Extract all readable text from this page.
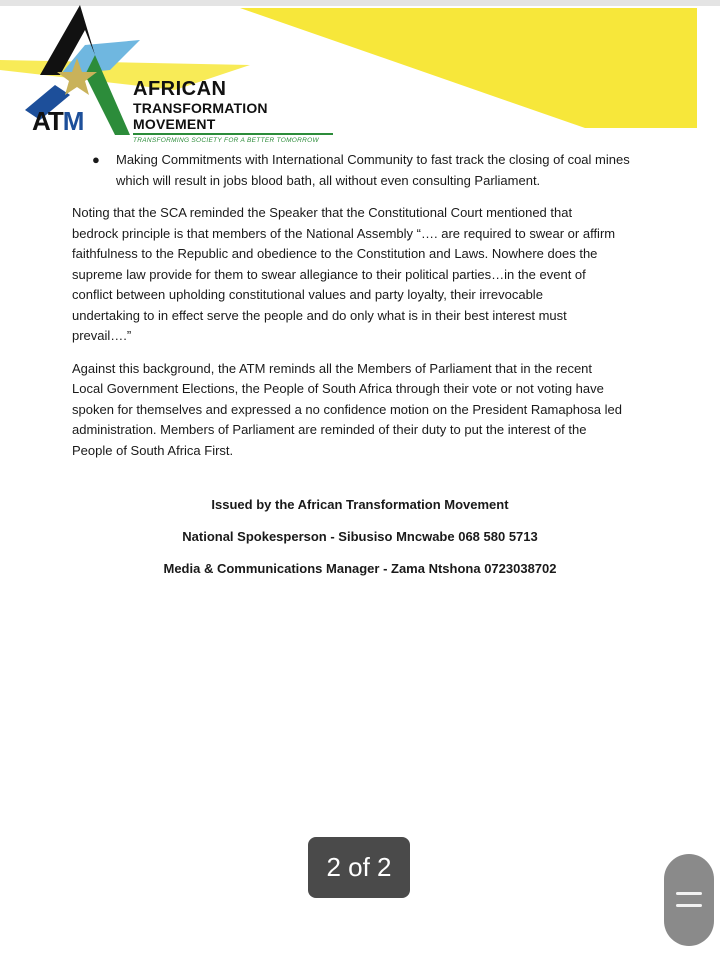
ATM
AFRICAN
TRANSFORMATION MOVEMENT
TRANSFORMING SOCIETY FOR A BETTER TOMORROW
●	Making Commitments with International Community to fast track the closing of coal mines which will result in jobs blood bath, all without even consulting Parliament.
Noting that the SCA reminded the Speaker that the Constitutional Court mentioned that
bedrock principle is that members of the National Assembly “…. are required to swear or affirm
faithfulness to the Republic and obedience to the Constitution and Laws. Nowhere does the
supreme law provide for them to swear allegiance to their political parties…in the event of
conflict between upholding constitutional values and party loyalty, their irrevocable
undertaking to in effect serve the people and do only what is in their best interest must
prevail….”
Against this background, the ATM reminds all the Members of Parliament that in the recent
Local Government Elections, the People of South Africa through their vote or not voting have
spoken for themselves and expressed a no confidence motion on the President Ramaphosa led
administration. Members of Parliament are reminded of their duty to put the interest of the
People of South Africa First.
Issued by the African Transformation Movement
National Spokesperson - Sibusiso Mncwabe 068 580 5713
Media & Communications Manager - Zama Ntshona 0723038702
2 of 2
